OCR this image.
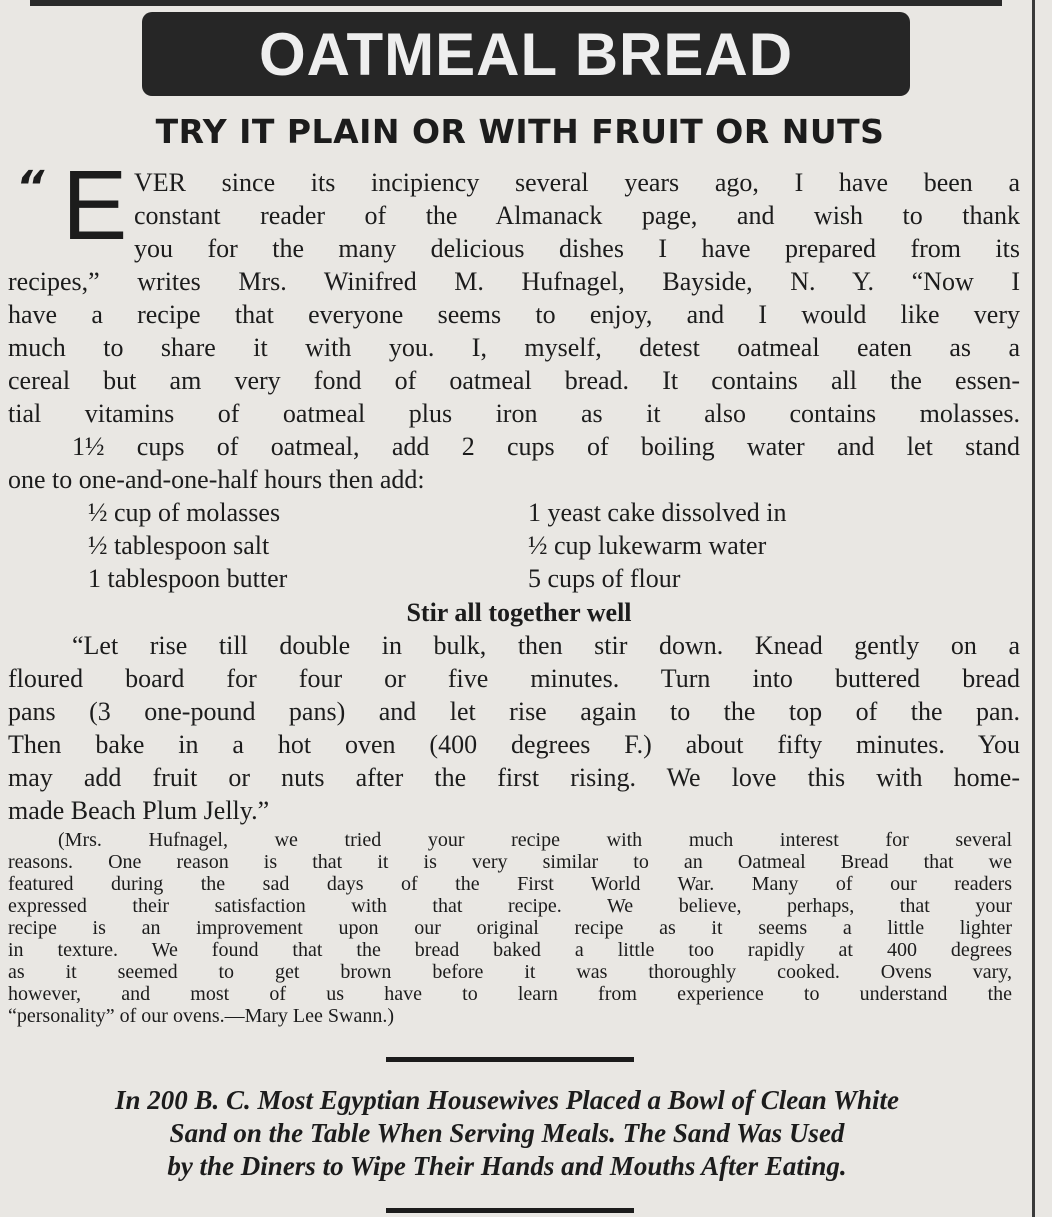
OATMEAL BREAD
TRY IT PLAIN OR WITH FRUIT OR NUTS
“ E VER since its incipiency several years ago, I have been a
constant reader of the Almanack page, and wish to thank
you for the many delicious dishes I have prepared from its
recipes,” writes Mrs. Winifred M. Hufnagel, Bayside, N. Y. “Now I
have a recipe that everyone seems to enjoy, and I would like very
much to share it with you. I, myself, detest oatmeal eaten as a
cereal but am very fond of oatmeal bread. It contains all the essen-
tial vitamins of oatmeal plus iron as it also contains molasses.
1½ cups of oatmeal, add 2 cups of boiling water and let stand
one to one-and-one-half hours then add:
½ cup of molasses
½ tablespoon salt
1 tablespoon butter
1 yeast cake dissolved in
½ cup lukewarm water
5 cups of flour
Stir all together well
“Let rise till double in bulk, then stir down. Knead gently on a
floured board for four or five minutes. Turn into buttered bread
pans (3 one-pound pans) and let rise again to the top of the pan.
Then bake in a hot oven (400 degrees F.) about fifty minutes. You
may add fruit or nuts after the first rising. We love this with home-
made Beach Plum Jelly.”
(Mrs. Hufnagel, we tried your recipe with much interest for several
reasons. One reason is that it is very similar to an Oatmeal Bread that we
featured during the sad days of the First World War. Many of our readers
expressed their satisfaction with that recipe. We believe, perhaps, that your
recipe is an improvement upon our original recipe as it seems a little lighter
in texture. We found that the bread baked a little too rapidly at 400 degrees
as it seemed to get brown before it was thoroughly cooked. Ovens vary,
however, and most of us have to learn from experience to understand the
“personality” of our ovens.—Mary Lee Swann.)
In 200 B. C. Most Egyptian Housewives Placed a Bowl of Clean White
Sand on the Table When Serving Meals. The Sand Was Used
by the Diners to Wipe Their Hands and Mouths After Eating.
